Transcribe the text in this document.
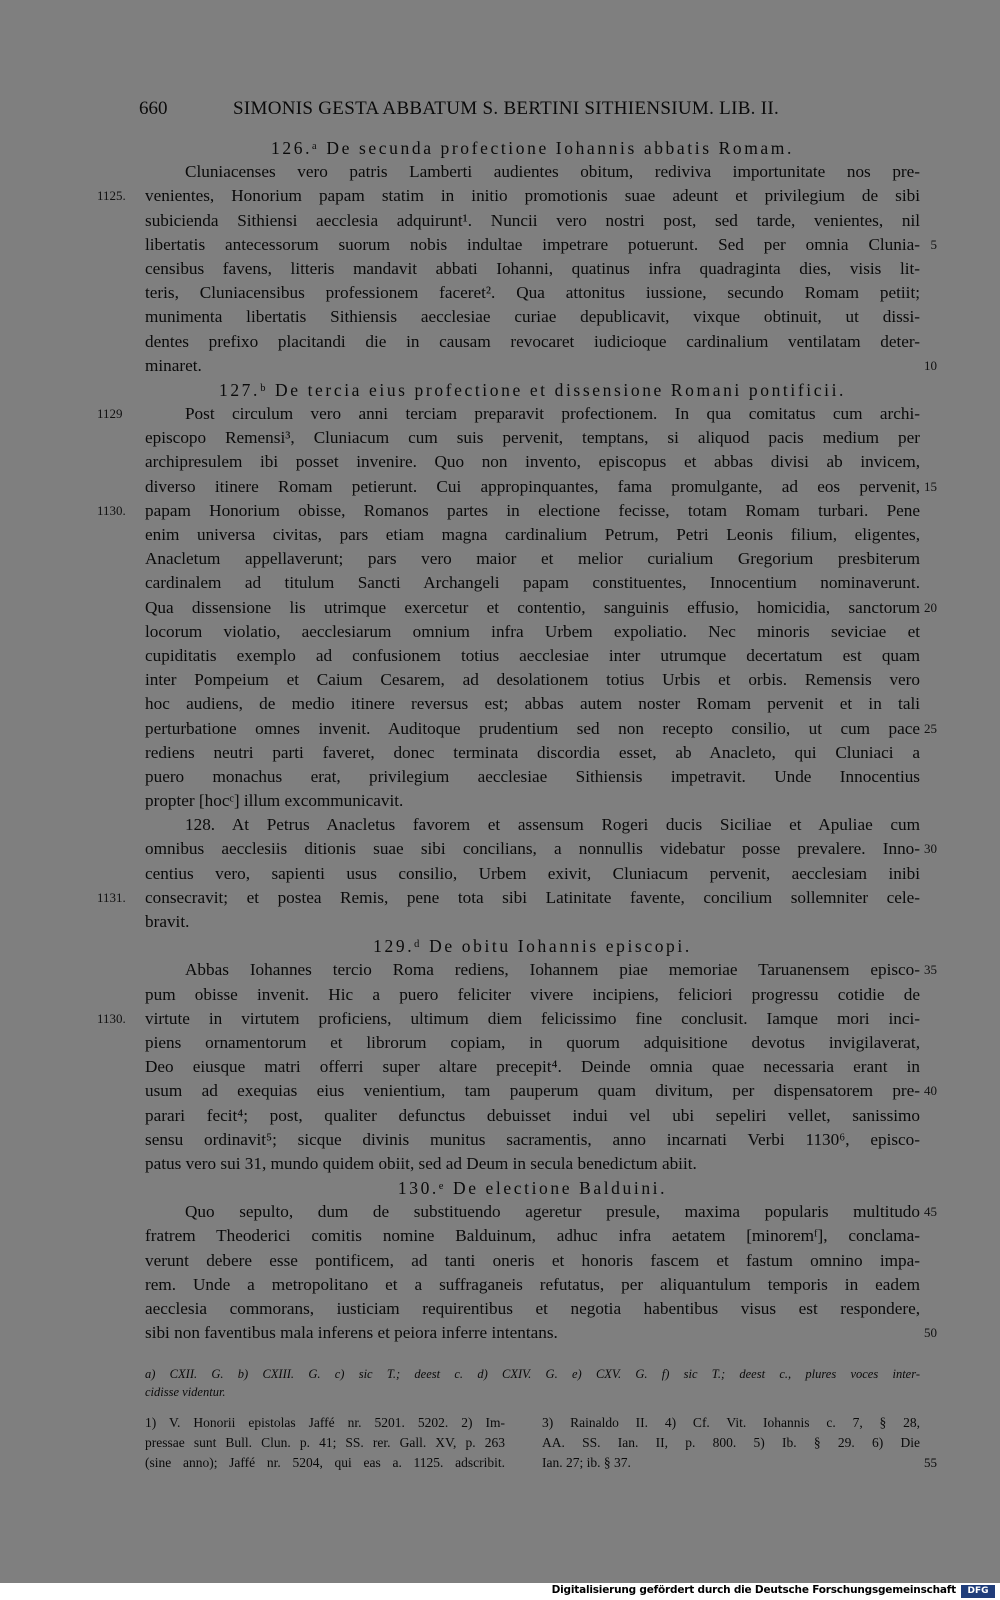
660	SIMONIS GESTA ABBATUM S. BERTINI SITHIENSIUM. LIB. II.
126.ᵃ De secunda profectione Iohannis abbatis Romam.
Cluniacenses vero patris Lamberti audientes obitum, rediviva importunitate nos pre-
venientes, Honorium papam statim in initio promotionis suae adeunt et privilegium de sibi
1125.
subicienda Sithiensi aecclesia adquirunt¹. Nuncii vero nostri post, sed tarde, venientes, nil
libertatis antecessorum suorum nobis indultae impetrare potuerunt. Sed per omnia Clunia- 5
censibus favens, litteris mandavit abbati Iohanni, quatinus infra quadraginta dies, visis lit-
teris, Cluniacensibus professionem faceret². Qua attonitus iussione, secundo Romam petiit;
munimenta libertatis Sithiensis aecclesiae curiae depublicavit, vixque obtinuit, ut dissi-
dentes prefixo placitandi die in causam revocaret iudicioque cardinalium ventilatam deter-
minaret.	10
127.ᵇ De tercia eius profectione et dissensione Romani pontificii.
Post circulum vero anni terciam preparavit profectionem. In qua comitatus cum archi-
1129
episcopo Remensi³, Cluniacum cum suis pervenit, temptans, si aliquod pacis medium per
archipresulem ibi posset invenire. Quo non invento, episcopus et abbas divisi ab invicem,
diverso itinere Romam petierunt. Cui appropinquantes, fama promulgante, ad eos pervenit, 15
papam Honorium obisse, Romanos partes in electione fecisse, totam Romam turbari. Pene
1130.
enim universa civitas, pars etiam magna cardinalium Petrum, Petri Leonis filium, eligentes,
Anacletum appellaverunt; pars vero maior et melior curialium Gregorium presbiterum
cardinalem ad titulum Sancti Archangeli papam constituentes, Innocentium nominaverunt.
Qua dissensione lis utrimque exercetur et contentio, sanguinis effusio, homicidia, sanctorum 20
locorum violatio, aecclesiarum omnium infra Urbem expoliatio. Nec minoris seviciae et
cupiditatis exemplo ad confusionem totius aecclesiae inter utrumque decertatum est quam
inter Pompeium et Caium Cesarem, ad desolationem totius Urbis et orbis. Remensis vero
hoc audiens, de medio itinere reversus est; abbas autem noster Romam pervenit et in tali
perturbatione omnes invenit. Auditoque prudentium sed non recepto consilio, ut cum pace 25
rediens neutri parti faveret, donec terminata discordia esset, ab Anacleto, qui Cluniaci a
puero monachus erat, privilegium aecclesiae Sithiensis impetravit. Unde Innocentius
propter [hocᶜ] illum excommunicavit.
128. At Petrus Anacletus favorem et assensum Rogeri ducis Siciliae et Apuliae cum
omnibus aecclesiis ditionis suae sibi concilians, a nonnullis videbatur posse prevalere. Inno- 30
centius vero, sapienti usus consilio, Urbem exivit, Cluniacum pervenit, aecclesiam inibi
consecravit; et postea Remis, pene tota sibi Latinitate favente, concilium sollemniter cele-
1131.
bravit.
129.ᵈ De obitu Iohannis episcopi.
Abbas Iohannes tercio Roma rediens, Iohannem piae memoriae Taruanensem episco- 35
pum obisse invenit. Hic a puero feliciter vivere incipiens, feliciori progressu cotidie de
virtute in virtutem proficiens, ultimum diem felicissimo fine conclusit. Iamque mori inci-
1130.
piens ornamentorum et librorum copiam, in quorum adquisitione devotus invigilaverat,
Deo eiusque matri offerri super altare precepit⁴. Deinde omnia quae necessaria erant in
usum ad exequias eius venientium, tam pauperum quam divitum, per dispensatorem pre- 40
parari fecit⁴; post, qualiter defunctus debuisset indui vel ubi sepeliri vellet, sanissimo
sensu ordinavit⁵; sicque divinis munitus sacramentis, anno incarnati Verbi 1130⁶, episco-
patus vero sui 31, mundo quidem obiit, sed ad Deum in secula benedictum abiit.
130.ᵉ De electione Balduini.
Quo sepulto, dum de substituendo ageretur presule, maxima popularis multitudo 45
fratrem Theoderici comitis nomine Balduinum, adhuc infra aetatem [minoremᶠ], conclama-
verunt debere esse pontificem, ad tanti oneris et honoris fascem et fastum omnino impa-
rem. Unde a metropolitano et a suffraganeis refutatus, per aliquantulum temporis in eadem
aecclesia commorans, iusticiam requirentibus et negotia habentibus visus est respondere,
sibi non faventibus mala inferens et peiora inferre intentans.	50
a) CXII. G. b) CXIII. G. c) sic T.; deest c. d) CXIV. G. e) CXV. G. f) sic T.; deest c., plures voces inter-
cidisse videntur.
1) V. Honorii epistolas Jaffé nr. 5201. 5202. 2) Im-	3) Rainaldo II. 4) Cf. Vit. Iohannis c. 7, § 28,
pressae sunt Bull. Clun. p. 41; SS. rer. Gall. XV, p. 263	AA. SS. Ian. II, p. 800. 5) Ib. § 29. 6) Die
(sine anno); Jaffé nr. 5204, qui eas a. 1125. adscribit.	Ian. 27; ib. § 37.	55
Digitalisierung gefördert durch die Deutsche Forschungsgemeinschaft	DFG
